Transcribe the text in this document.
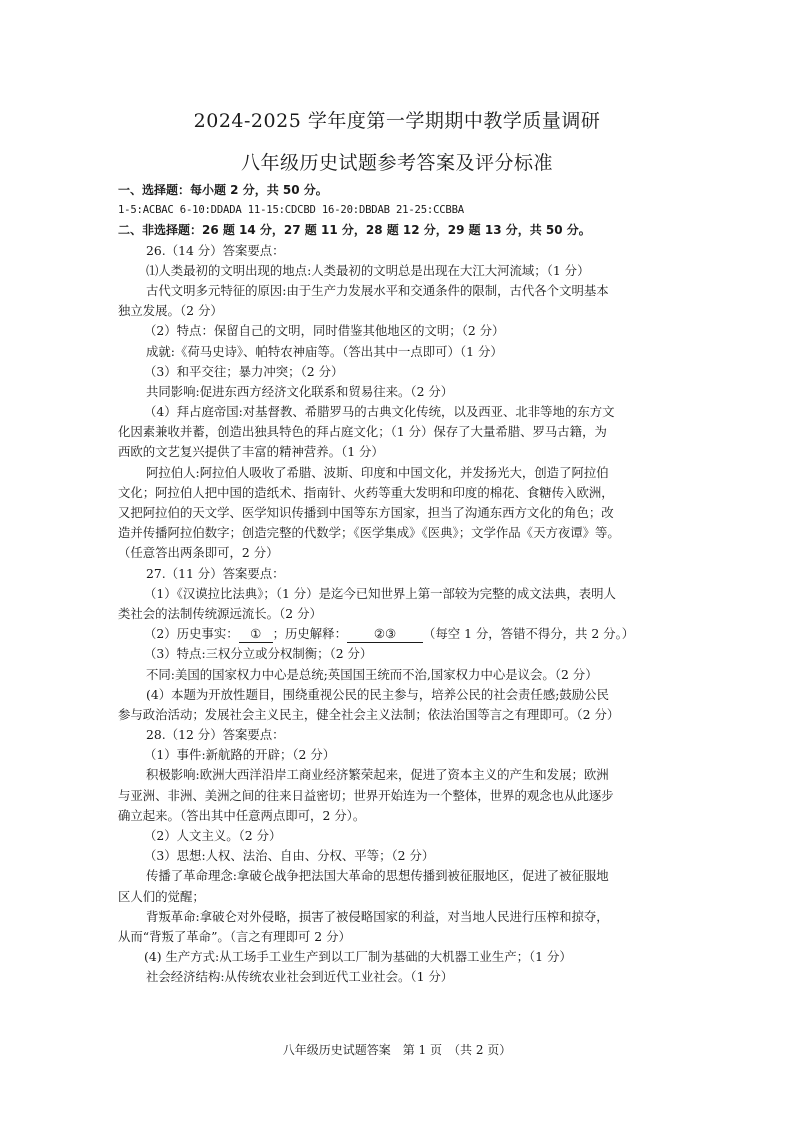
2024-2025 学年度第一学期期中教学质量调研
八年级历史试题参考答案及评分标准
一、选择题：每小题 2 分，共 50 分。
1-5:ACBAC 6-10:DDADA 11-15:CDCBD 16-20:DBDAB 21-25:CCBBA
二、非选择题：26 题 14 分，27 题 11 分，28 题 12 分，29 题 13 分，共 50 分。
26.（14 分）答案要点：
⑴人类最初的文明出现的地点:人类最初的文明总是出现在大江大河流域；（1 分）
古代文明多元特征的原因:由于生产力发展水平和交通条件的限制，古代各个文明基本
独立发展。（2 分）
（2）特点：保留自己的文明，同时借鉴其他地区的文明；（2 分）
成就:《荷马史诗》、帕特农神庙等。（答出其中一点即可）（1 分）
（3）和平交往；暴力冲突；（2 分）
共同影响:促进东西方经济文化联系和贸易往来。（2 分）
（4）拜占庭帝国:对基督教、希腊罗马的古典文化传统，以及西亚、北非等地的东方文
化因素兼收并蓄，创造出独具特色的拜占庭文化；（1 分）保存了大量希腊、罗马古籍，为
西欧的文艺复兴提供了丰富的精神营养。（1 分）
阿拉伯人:阿拉伯人吸收了希腊、波斯、印度和中国文化，并发扬光大，创造了阿拉伯
文化；阿拉伯人把中国的造纸术、指南针、火药等重大发明和印度的棉花、食糖传入欧洲，
又把阿拉伯的天文学、医学知识传播到中国等东方国家，担当了沟通东西方文化的角色；改
造并传播阿拉伯数字；创造完整的代数学；《医学集成》《医典》；文学作品《天方夜谭》等。
（任意答出两条即可，2 分）
27.（11 分）答案要点：
（1）《汉谟拉比法典》；（1 分）是迄今已知世界上第一部较为完整的成文法典，表明人
类社会的法制传统源远流长。（2 分）
（2）历史事实： ① ；历史解释： ②③ （每空 1 分，答错不得分，共 2 分。）
（3）特点:三权分立或分权制衡；（2 分）
不同:美国的国家权力中心是总统;英国国王统而不治,国家权力中心是议会。（2 分）
(4）本题为开放性题目，围绕重视公民的民主参与，培养公民的社会责任感;鼓励公民
参与政治活动；发展社会主义民主，健全社会主义法制；依法治国等言之有理即可。（2 分）
28.（12 分）答案要点：
（1）事件:新航路的开辟；（2 分）
积极影响:欧洲大西洋沿岸工商业经济繁荣起来，促进了资本主义的产生和发展；欧洲
与亚洲、非洲、美洲之间的往来日益密切；世界开始连为一个整体，世界的观念也从此逐步
确立起来。（答出其中任意两点即可，2 分）。
（2）人文主义。（2 分）
（3）思想:人权、法治、自由、分权、平等；（2 分）
传播了革命理念:拿破仑战争把法国大革命的思想传播到被征服地区，促进了被征服地
区人们的觉醒；
背叛革命:拿破仑对外侵略，损害了被侵略国家的利益，对当地人民进行压榨和掠夺，
从而“背叛了革命”。（言之有理即可 2 分）
(4) 生产方式:从工场手工业生产到以工厂制为基础的大机器工业生产；（1 分）
社会经济结构:从传统农业社会到近代工业社会。（1 分）
八年级历史试题答案　第 1 页　（共 2 页）
